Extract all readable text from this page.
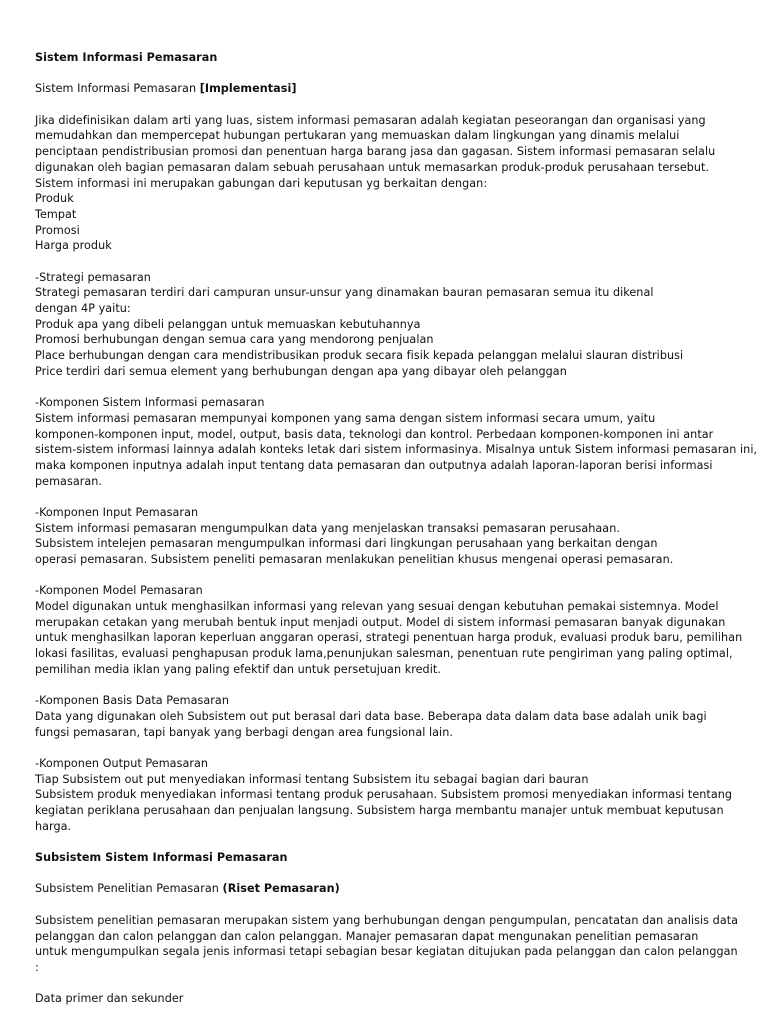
Sistem Informasi Pemasaran
Sistem Informasi Pemasaran [Implementasi]
Jika didefinisikan dalam arti yang luas, sistem informasi pemasaran adalah kegiatan peseorangan dan organisasi yang
memudahkan dan mempercepat hubungan pertukaran yang memuaskan dalam lingkungan yang dinamis melalui
penciptaan pendistribusian promosi dan penentuan harga barang jasa dan gagasan. Sistem informasi pemasaran selalu
digunakan oleh bagian pemasaran dalam sebuah perusahaan untuk memasarkan produk-produk perusahaan tersebut.
Sistem informasi ini merupakan gabungan dari keputusan yg berkaitan dengan:
Produk
Tempat
Promosi
Harga produk
-Strategi pemasaran
Strategi pemasaran terdiri dari campuran unsur-unsur yang dinamakan bauran pemasaran semua itu dikenal
dengan 4P yaitu:
Produk apa yang dibeli pelanggan untuk memuaskan kebutuhannya
Promosi berhubungan dengan semua cara yang mendorong penjualan
Place berhubungan dengan cara mendistribusikan produk secara fisik kepada pelanggan melalui slauran distribusi
Price terdiri dari semua element yang berhubungan dengan apa yang dibayar oleh pelanggan
-Komponen Sistem Informasi pemasaran
Sistem informasi pemasaran mempunyai komponen yang sama dengan sistem informasi secara umum, yaitu
komponen-komponen input, model, output, basis data, teknologi dan kontrol. Perbedaan komponen-komponen ini antar
sistem-sistem informasi lainnya adalah konteks letak dari sistem informasinya. Misalnya untuk Sistem informasi pemasaran ini,
maka komponen inputnya adalah input tentang data pemasaran dan outputnya adalah laporan-laporan berisi informasi
pemasaran.
-Komponen Input Pemasaran
Sistem informasi pemasaran mengumpulkan data yang menjelaskan transaksi pemasaran perusahaan.
Subsistem intelejen pemasaran mengumpulkan informasi dari lingkungan perusahaan yang berkaitan dengan
operasi pemasaran. Subsistem peneliti pemasaran menlakukan penelitian khusus mengenai operasi pemasaran.
-Komponen Model Pemasaran
Model digunakan untuk menghasilkan informasi yang relevan yang sesuai dengan kebutuhan pemakai sistemnya. Model
merupakan cetakan yang merubah bentuk input menjadi output. Model di sistem informasi pemasaran banyak digunakan
untuk menghasilkan laporan keperluan anggaran operasi, strategi penentuan harga produk, evaluasi produk baru, pemilihan
lokasi fasilitas, evaluasi penghapusan produk lama,penunjukan salesman, penentuan rute pengiriman yang paling optimal,
pemilihan media iklan yang paling efektif dan untuk persetujuan kredit.
-Komponen Basis Data Pemasaran
Data yang digunakan oleh Subsistem out put berasal dari data base. Beberapa data dalam data base adalah unik bagi
fungsi pemasaran, tapi banyak yang berbagi dengan area fungsional lain.
-Komponen Output Pemasaran
Tiap Subsistem out put menyediakan informasi tentang Subsistem itu sebagai bagian dari bauran
Subsistem produk menyediakan informasi tentang produk perusahaan. Subsistem promosi menyediakan informasi tentang
kegiatan periklana perusahaan dan penjualan langsung. Subsistem harga membantu manajer untuk membuat keputusan
harga.
Subsistem Sistem Informasi Pemasaran
Subsistem Penelitian Pemasaran (Riset Pemasaran)
Subsistem penelitian pemasaran merupakan sistem yang berhubungan dengan pengumpulan, pencatatan dan analisis data
pelanggan dan calon pelanggan dan calon pelanggan. Manajer pemasaran dapat mengunakan penelitian pemasaran
untuk mengumpulkan segala jenis informasi tetapi sebagian besar kegiatan ditujukan pada pelanggan dan calon pelanggan
:
Data primer dan sekunder
